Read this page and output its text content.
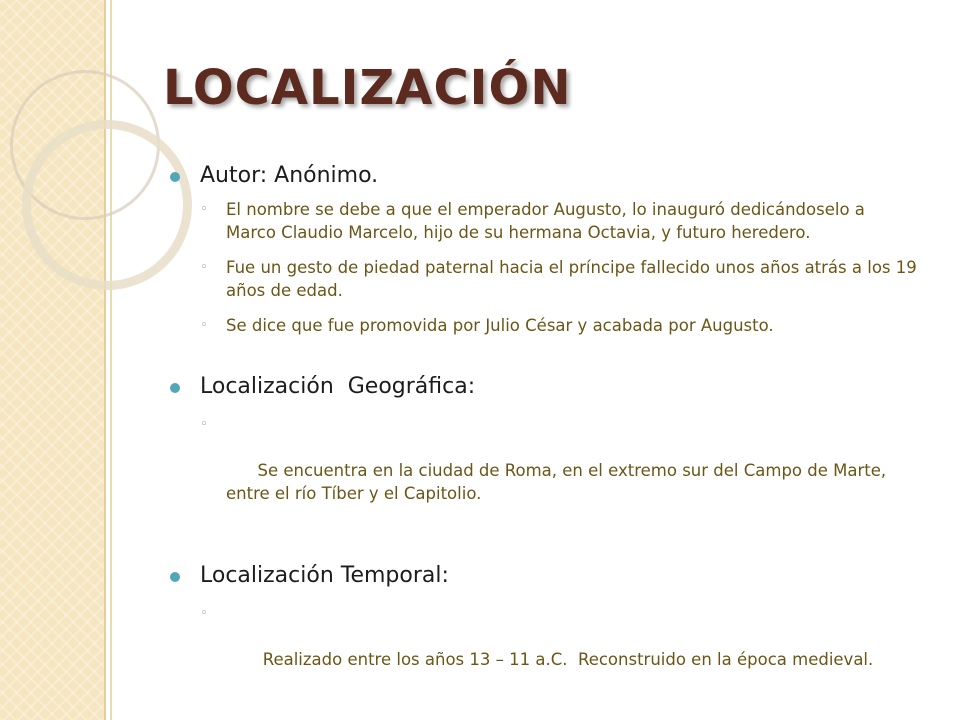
LOCALIZACIÓN
Autor: Anónimo.
◦ El nombre se debe a que el emperador Augusto, lo inauguró dedicándoselo a Marco Claudio Marcelo, hijo de su hermana Octavia, y futuro heredero.
◦ Fue un gesto de piedad paternal hacia el príncipe fallecido unos años atrás a los 19 años de edad.
◦ Se dice que fue promovida por Julio César y acabada por Augusto.
Localización  Geográfica:

◦

Se encuentra en la ciudad de Roma, en el extremo sur del Campo de Marte,  entre el río Tíber y el Capitolio.

Localización Temporal:

◦

Realizado entre los años 13 – 11 a.C.  Reconstruido en la época medieval.
